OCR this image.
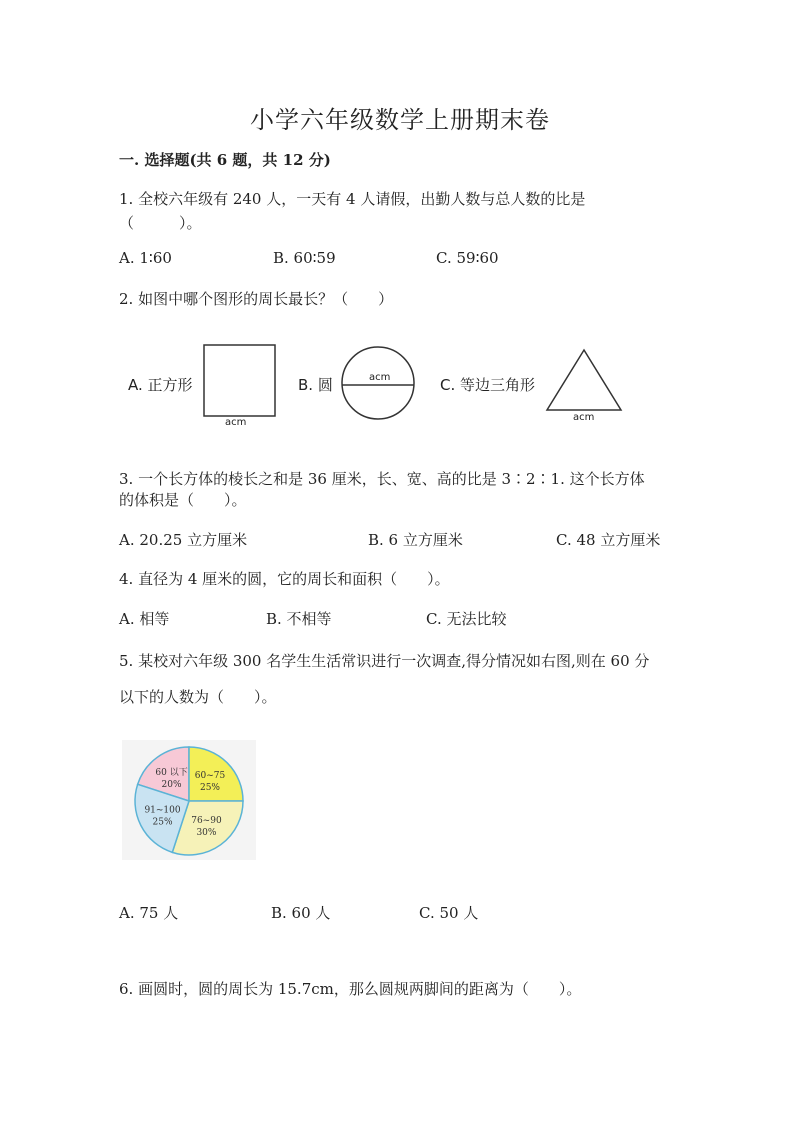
小学六年级数学上册期末卷
一. 选择题(共 6 题，共 12 分)
1. 全校六年级有 240 人，一天有 4 人请假，出勤人数与总人数的比是
（　　　）。
A. 1∶60	B. 60∶59	C. 59∶60
2. 如图中哪个图形的周长最长？（　　）
A. 正方形
acm
B. 圆	acm	C. 等边三角形
acm
3. 一个长方体的棱长之和是 36 厘米，长、宽、高的比是 3∶2∶1. 这个长方体
的体积是（　　）。
A. 20.25 立方厘米	B. 6 立方厘米	C. 48 立方厘米
4. 直径为 4 厘米的圆，它的周长和面积（　　）。
A. 相等	B. 不相等	C. 无法比较
5. 某校对六年级 300 名学生生活常识进行一次调查,得分情况如右图,则在 60 分
以下的人数为（　　）。
60 以下
20%
60~75
25%
76~90
30%
91~100
25%
A. 75 人	B. 60 人	C. 50 人
6. 画圆时，圆的周长为 15.7cm，那么圆规两脚间的距离为（　　）。
